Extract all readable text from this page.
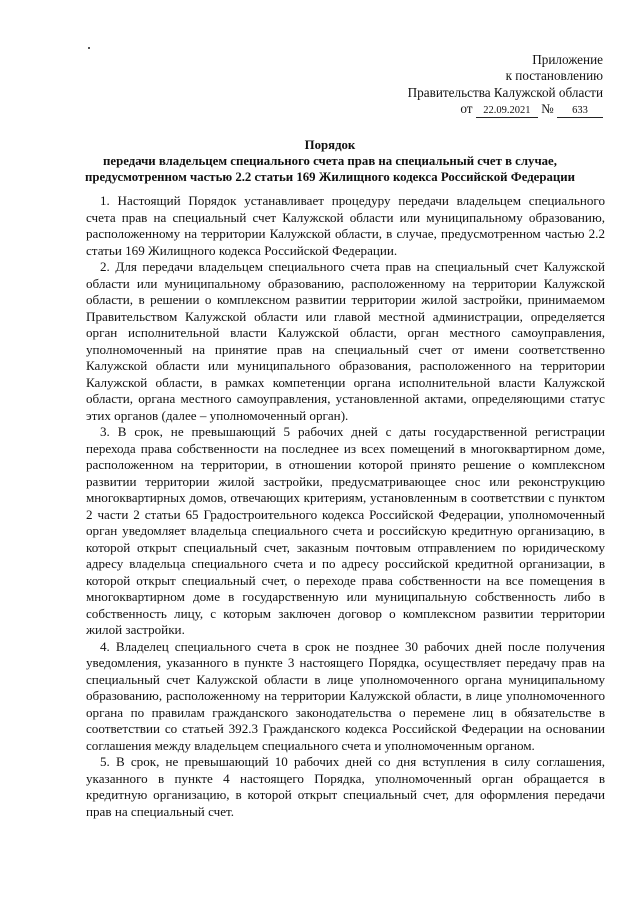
Приложение
к постановлению
Правительства Калужской области
от 22.09.2021 № 633
Порядок
передачи владельцем специального счета прав на специальный счет в случае, предусмотренном частью 2.2 статьи 169 Жилищного кодекса Российской Федерации

1. Настоящий Порядок устанавливает процедуру передачи владельцем специального счета прав на специальный счет Калужской области или муниципальному образованию, расположенному на территории Калужской области, в случае, предусмотренном частью 2.2 статьи 169 Жилищного кодекса Российской Федерации.

2. Для передачи владельцем специального счета прав на специальный счет Калужской области или муниципальному образованию, расположенному на территории Калужской области, в решении о комплексном развитии территории жилой застройки, принимаемом Правительством Калужской области или главой местной администрации, определяется орган исполнительной власти Калужской области, орган местного самоуправления, уполномоченный на принятие прав на специальный счет от имени соответственно Калужской области или муниципального образования, расположенного на территории Калужской области, в рамках компетенции органа исполнительной власти Калужской области, органа местного самоуправления, установленной актами, определяющими статус этих органов (далее – уполномоченный орган).

3. В срок, не превышающий 5 рабочих дней с даты государственной регистрации перехода права собственности на последнее из всех помещений в многоквартирном доме, расположенном на территории, в отношении которой принято решение о комплексном развитии территории жилой застройки, предусматривающее снос или реконструкцию многоквартирных домов, отвечающих критериям, установленным в соответствии с пунктом 2 части 2 статьи 65 Градостроительного кодекса Российской Федерации, уполномоченный орган уведомляет владельца специального счета и российскую кредитную организацию, в которой открыт специальный счет, заказным почтовым отправлением по юридическому адресу владельца специального счета и по адресу российской кредитной организации, в которой открыт специальный счет, о переходе права собственности на все помещения в многоквартирном доме в государственную или муниципальную собственность либо в собственность лицу, с которым заключен договор о комплексном развитии территории жилой застройки.

4. Владелец специального счета в срок не позднее 30 рабочих дней после получения уведомления, указанного в пункте 3 настоящего Порядка, осуществляет передачу прав на специальный счет Калужской области в лице уполномоченного органа муниципальному образованию, расположенному на территории Калужской области, в лице уполномоченного органа по правилам гражданского законодательства о перемене лиц в обязательстве в соответствии со статьей 392.3 Гражданского кодекса Российской Федерации на основании соглашения между владельцем специального счета и уполномоченным органом.

5. В срок, не превышающий 10 рабочих дней со дня вступления в силу соглашения, указанного в пункте 4 настоящего Порядка, уполномоченный орган обращается в кредитную организацию, в которой открыт специальный счет, для оформления передачи прав на специальный счет.
